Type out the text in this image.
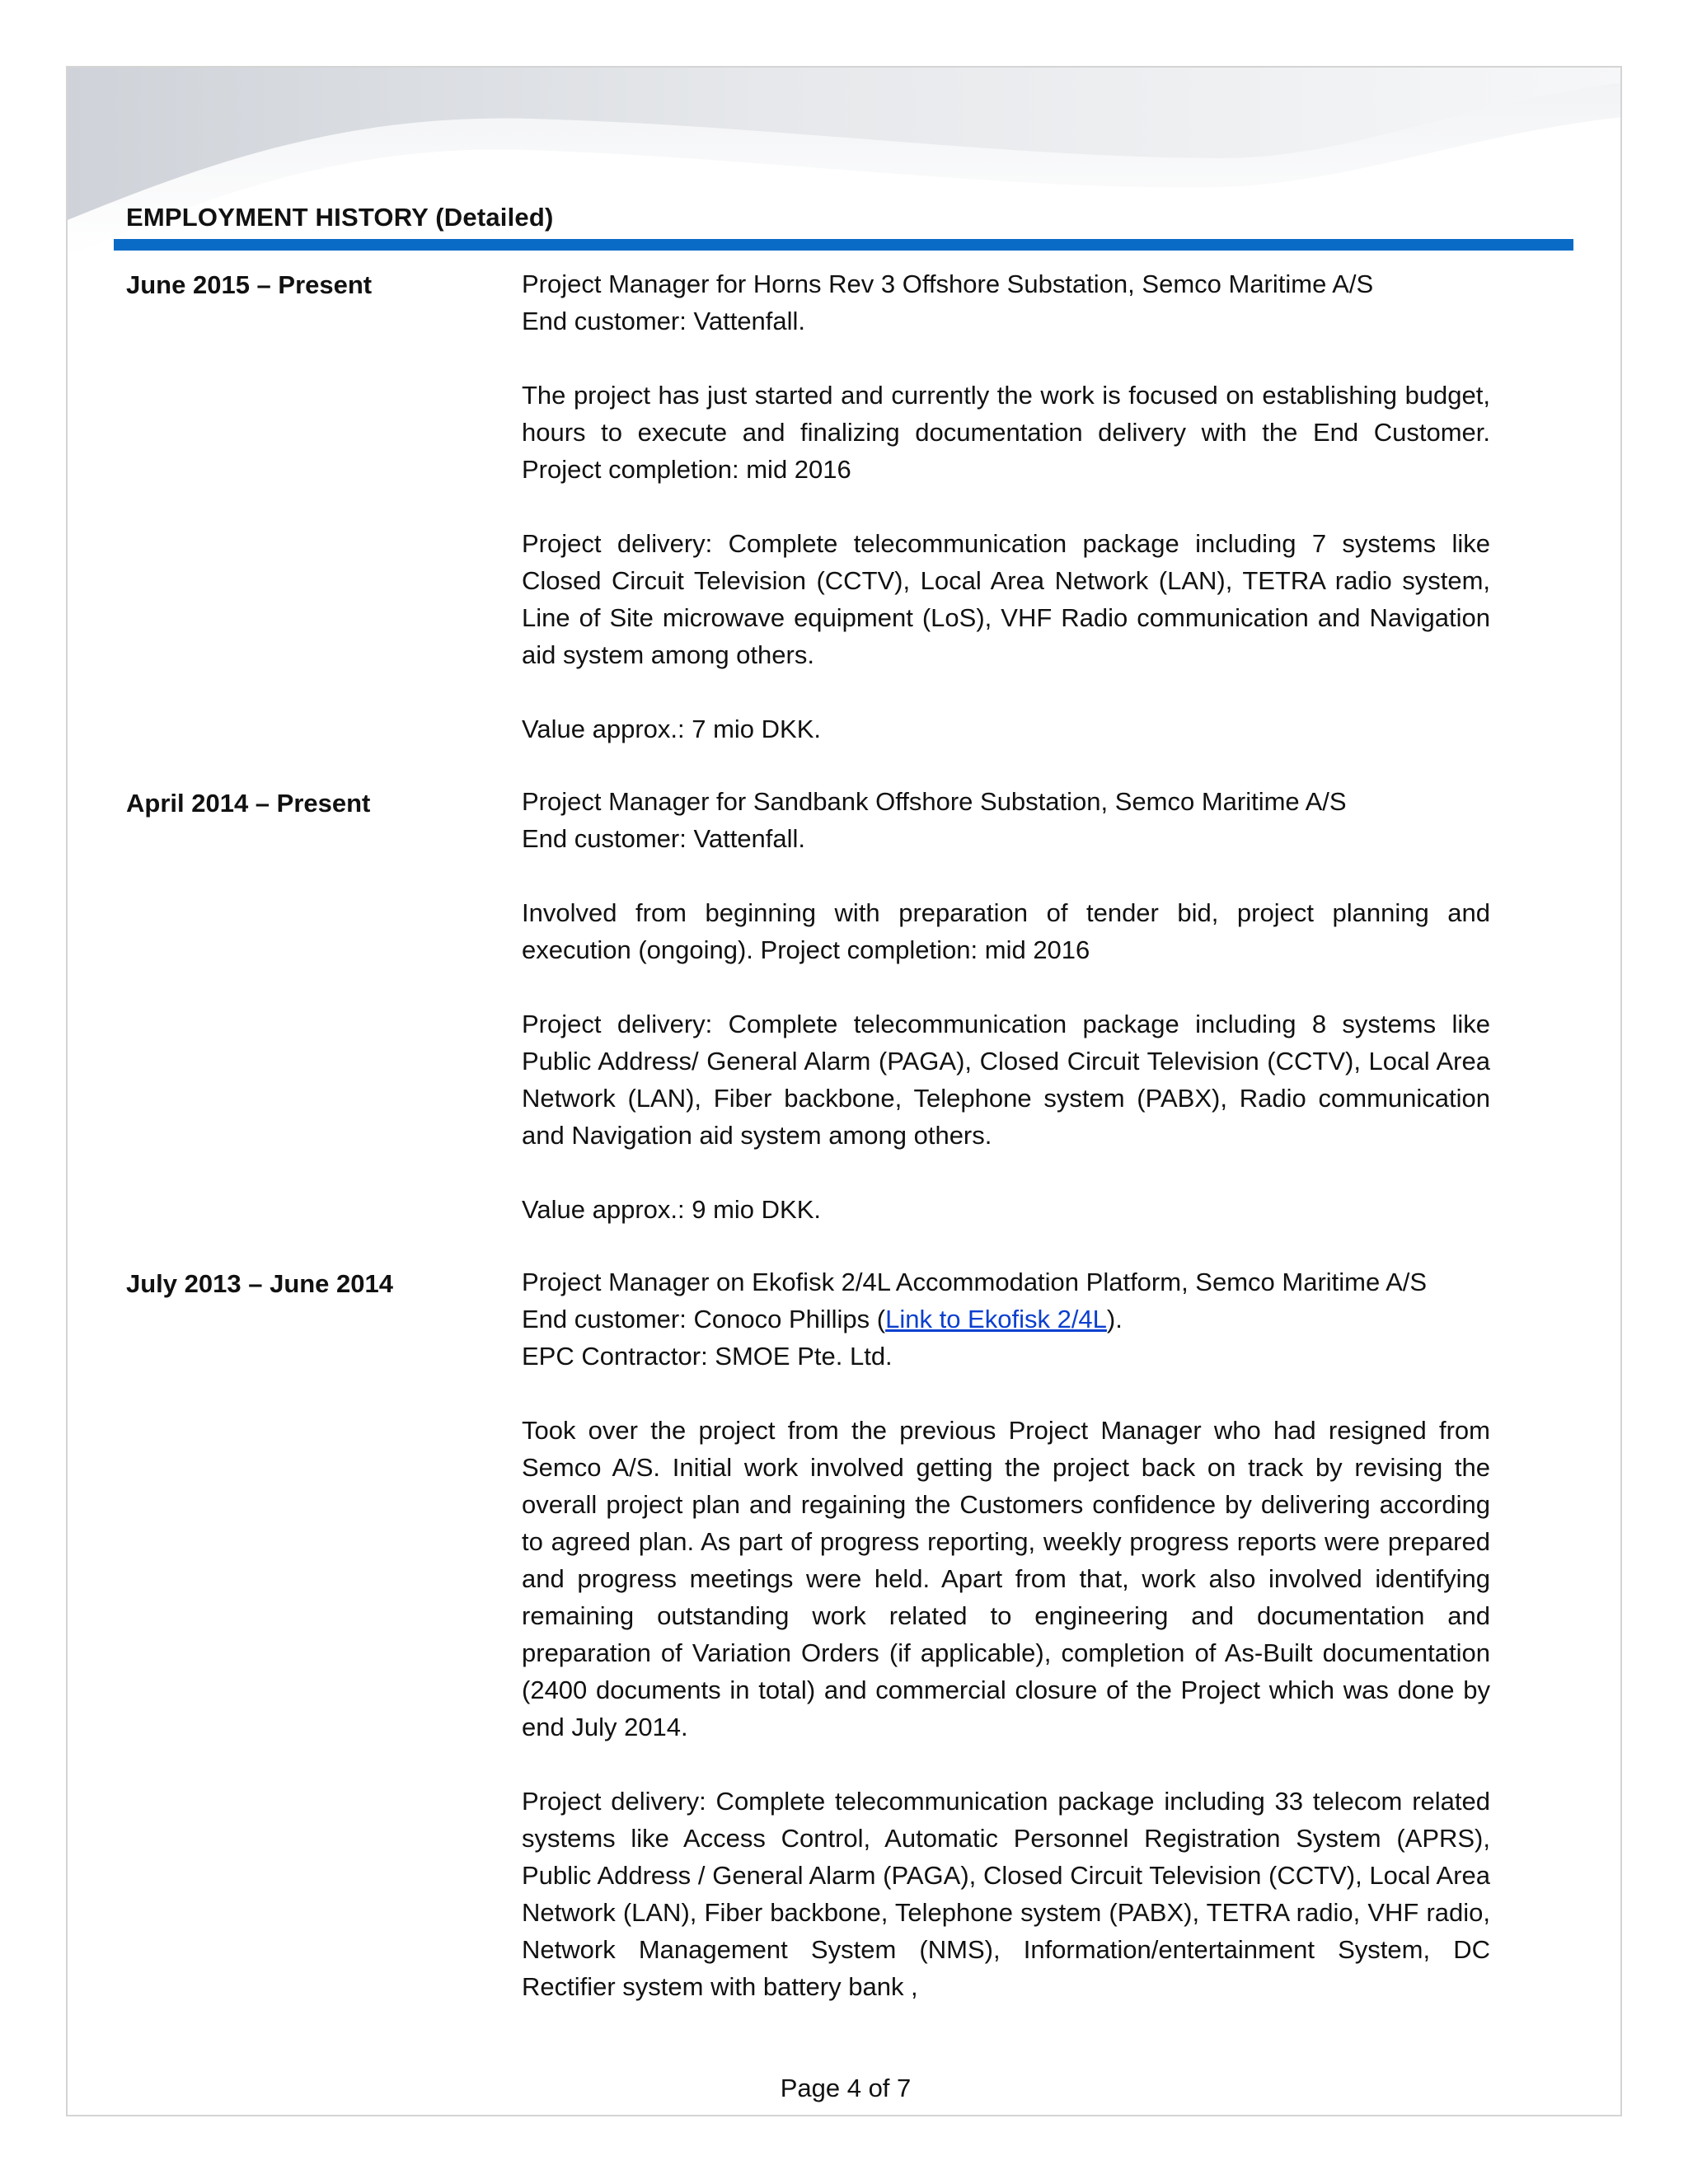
EMPLOYMENT HISTORY (Detailed)
June 2015 – Present	Project Manager for Horns Rev 3 Offshore Substation, Semco Maritime A/S
End customer: Vattenfall.

The project has just started and currently the work is focused on establishing budget, hours to execute and finalizing documentation delivery with the End Customer. Project completion: mid 2016

Project delivery: Complete telecommunication package including 7 systems like Closed Circuit Television (CCTV), Local Area Network (LAN), TETRA radio system, Line of Site microwave equipment (LoS), VHF Radio communication and Navigation aid system among others.

Value approx.: 7 mio DKK.

April 2014 – Present	Project Manager for Sandbank Offshore Substation, Semco Maritime A/S
End customer: Vattenfall.

Involved from beginning with preparation of tender bid, project planning and execution (ongoing). Project completion: mid 2016

Project delivery: Complete telecommunication package including 8 systems like Public Address/ General Alarm (PAGA), Closed Circuit Television (CCTV), Local Area Network (LAN), Fiber backbone, Telephone system (PABX), Radio communication and Navigation aid system among others.

Value approx.: 9 mio DKK.

July 2013 – June 2014	Project Manager on Ekofisk 2/4L Accommodation Platform, Semco Maritime A/S
End customer: Conoco Phillips (Link to Ekofisk 2/4L).
EPC Contractor: SMOE Pte. Ltd.

Took over the project from the previous Project Manager who had resigned from Semco A/S. Initial work involved getting the project back on track by revising the overall project plan and regaining the Customers confidence by delivering according to agreed plan. As part of progress reporting, weekly progress reports were prepared and progress meetings were held. Apart from that, work also involved identifying remaining outstanding work related to engineering and documentation and preparation of Variation Orders (if applicable), completion of As-Built documentation (2400 documents in total) and commercial closure of the Project which was done by end July 2014.

Project delivery: Complete telecommunication package including 33 telecom related systems like Access Control, Automatic Personnel Registration System (APRS), Public Address / General Alarm (PAGA), Closed Circuit Television (CCTV), Local Area Network (LAN), Fiber backbone, Telephone system (PABX), TETRA radio, VHF radio, Network Management System (NMS), Information/entertainment System, DC Rectifier system with battery bank ,

Page 4 of 7
